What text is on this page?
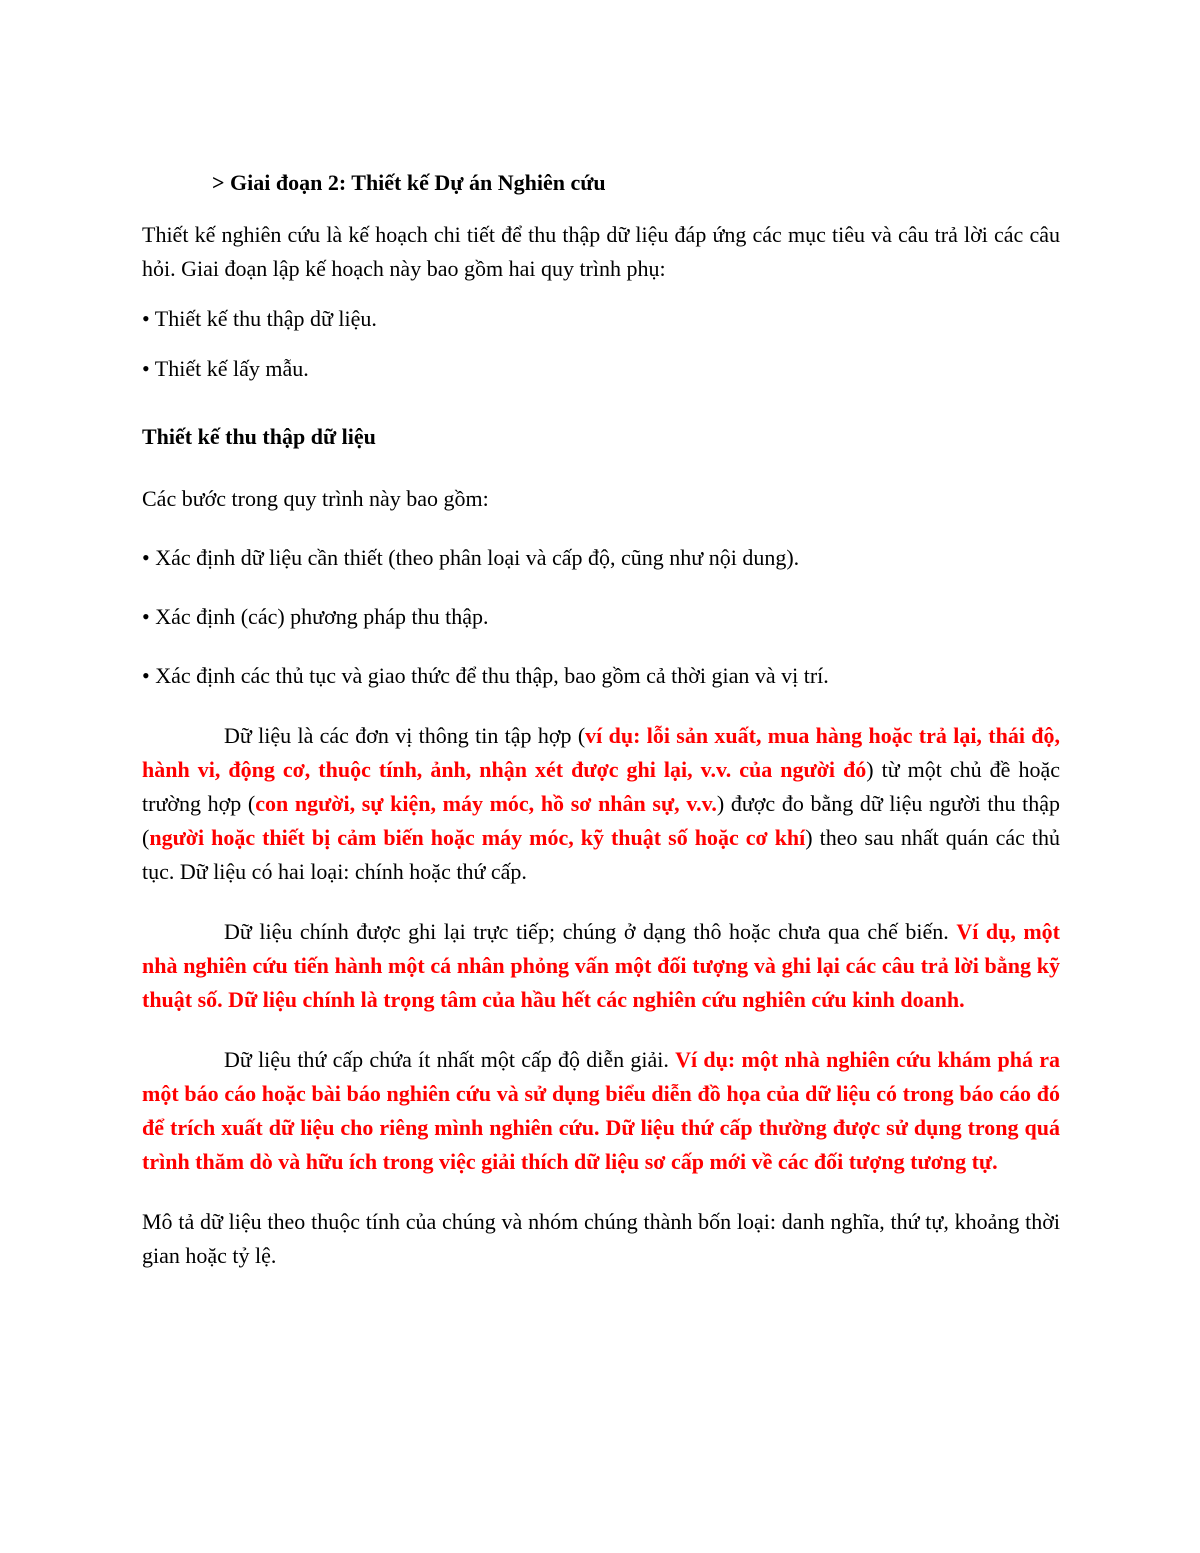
> Giai đoạn 2: Thiết kế Dự án Nghiên cứu

Thiết kế nghiên cứu là kế hoạch chi tiết để thu thập dữ liệu đáp ứng các mục tiêu và câu trả lời các câu hỏi. Giai đoạn lập kế hoạch này bao gồm hai quy trình phụ:

• Thiết kế thu thập dữ liệu.

• Thiết kế lấy mẫu.

Thiết kế thu thập dữ liệu

Các bước trong quy trình này bao gồm:

• Xác định dữ liệu cần thiết (theo phân loại và cấp độ, cũng như nội dung).

• Xác định (các) phương pháp thu thập.

• Xác định các thủ tục và giao thức để thu thập, bao gồm cả thời gian và vị trí.

Dữ liệu là các đơn vị thông tin tập hợp (ví dụ: lỗi sản xuất, mua hàng hoặc trả lại, thái độ, hành vi, động cơ, thuộc tính, ảnh, nhận xét được ghi lại, v.v. của người đó) từ một chủ đề hoặc trường hợp (con người, sự kiện, máy móc, hồ sơ nhân sự, v.v.) được đo bằng dữ liệu người thu thập (người hoặc thiết bị cảm biến hoặc máy móc, kỹ thuật số hoặc cơ khí) theo sau nhất quán các thủ tục. Dữ liệu có hai loại: chính hoặc thứ cấp.

Dữ liệu chính được ghi lại trực tiếp; chúng ở dạng thô hoặc chưa qua chế biến. Ví dụ, một nhà nghiên cứu tiến hành một cá nhân phỏng vấn một đối tượng và ghi lại các câu trả lời bằng kỹ thuật số. Dữ liệu chính là trọng tâm của hầu hết các nghiên cứu nghiên cứu kinh doanh.

Dữ liệu thứ cấp chứa ít nhất một cấp độ diễn giải. Ví dụ: một nhà nghiên cứu khám phá ra một báo cáo hoặc bài báo nghiên cứu và sử dụng biểu diễn đồ họa của dữ liệu có trong báo cáo đó để trích xuất dữ liệu cho riêng mình nghiên cứu. Dữ liệu thứ cấp thường được sử dụng trong quá trình thăm dò và hữu ích trong việc giải thích dữ liệu sơ cấp mới về các đối tượng tương tự.

Mô tả dữ liệu theo thuộc tính của chúng và nhóm chúng thành bốn loại: danh nghĩa, thứ tự, khoảng thời gian hoặc tỷ lệ.
